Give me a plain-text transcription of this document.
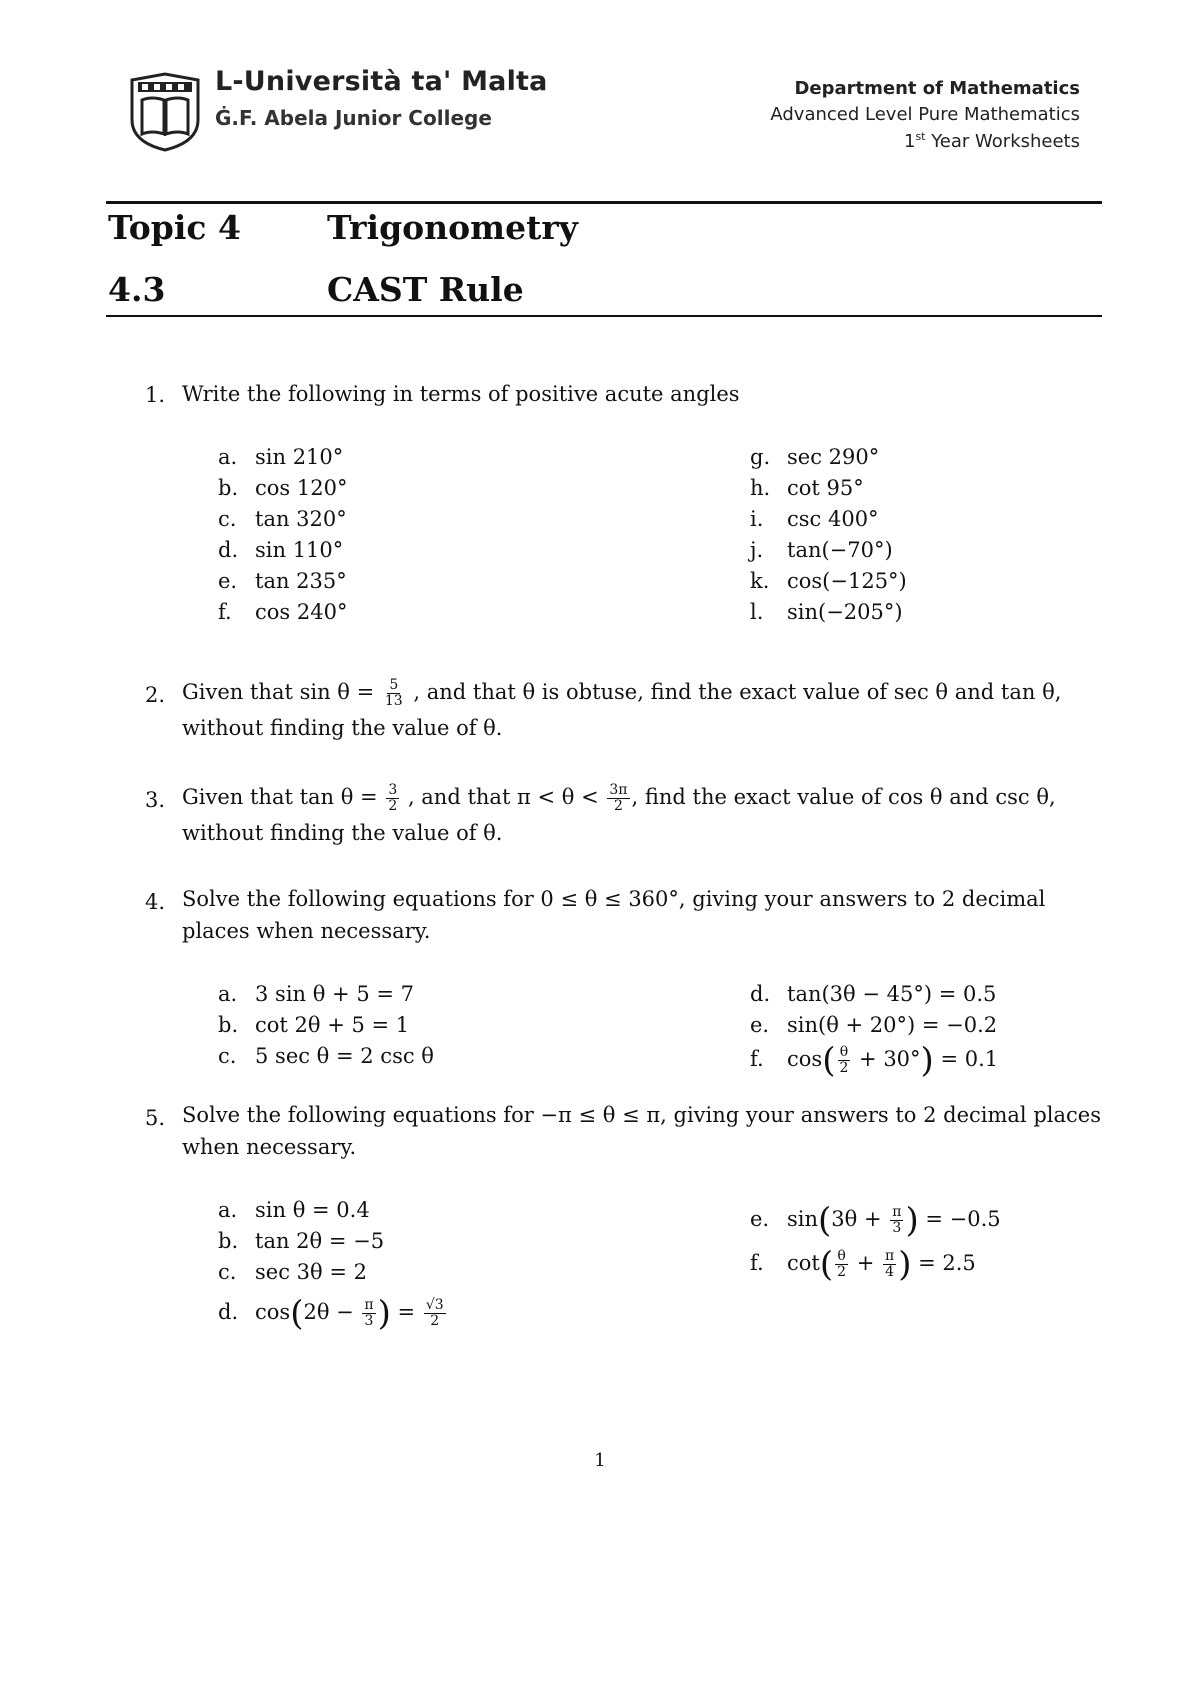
L-Università ta' Malta
Ġ.F. Abela Junior College
Department of Mathematics
Advanced Level Pure Mathematics
1st Year Worksheets
Topic 4	Trigonometry
4.3	CAST Rule
1. Write the following in terms of positive acute angles
a. sin 210°
b. cos 120°
c. tan 320°
d. sin 110°
e. tan 235°
f. cos 240°
g. sec 290°
h. cot 95°
i. csc 400°
j. tan(−70°)
k. cos(−125°)
l. sin(−205°)
2. Given that $\sin \theta = \frac{5}{13}$ , and that θ is obtuse, find the exact value of sec θ and tan θ,
without finding the value of θ.
3. Given that $\tan \theta = \frac{3}{2}$ , and that $\pi < \theta < \frac{3\pi}{2}$ , find the exact value of cos θ and csc θ,
without finding the value of θ.
4. Solve the following equations for 0 ≤ θ ≤ 360°, giving your answers to 2 decimal places when necessary.
a. 3 sin θ + 5 = 7
b. cot 2θ + 5 = 1
c. 5 sec θ = 2 csc θ
d. tan(3θ − 45°) = 0.5
e. sin(θ + 20°) = −0.2
f. $\cos( \frac{\theta}{2} + 30^\circ) = 0.1$
5. Solve the following equations for −π ≤ θ ≤ π, giving your answers to 2 decimal places when necessary.
a. sin θ = 0.4
b. tan 2θ = −5
c. sec 3θ = 2
d. $\cos(2\theta - \frac{\pi}{3}$ ) = $\frac{√3}{2}$
e. $\sin(3\theta + \frac{\pi}{3}$ ) = −0.5
f. $\cot( \frac{\theta}{2} + \frac{\pi}{4}$ ) = 2.5
1
